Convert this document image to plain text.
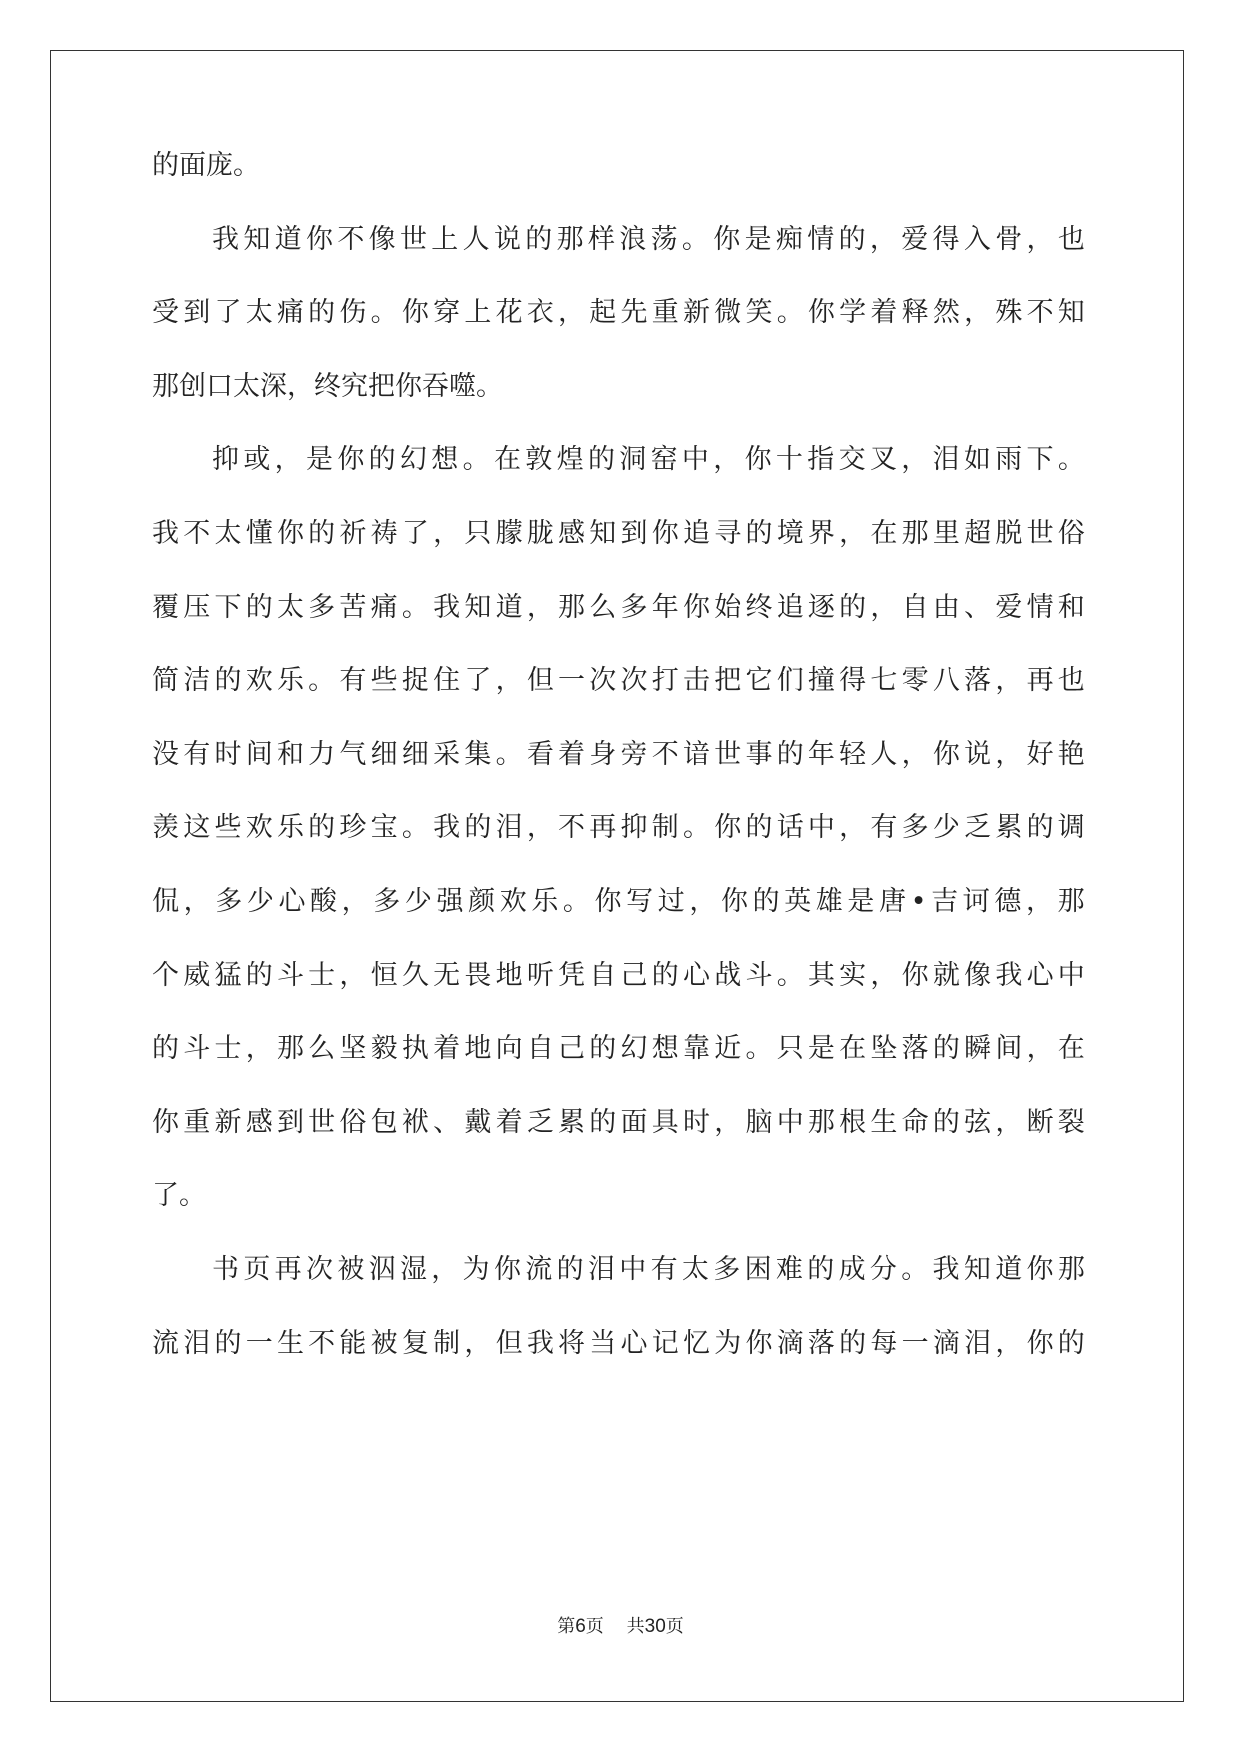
的面庞。

我 知 道 你 不 像 世 上 人 说 的 那 样 浪 荡 。 你 是 痴 情 的 ， 爱 得 入 骨 ， 也

受 到 了 太 痛 的 伤 。 你 穿 上 花 衣 ， 起 先 重 新 微 笑 。 你 学 着 释 然 ， 殊 不 知

那创口太深，终究把你吞噬。

抑 或 ， 是 你 的 幻 想 。 在 敦 煌 的 洞 窑 中 ， 你 十 指 交 叉 ， 泪 如 雨 下 。

我 不 太 懂 你 的 祈 祷 了 ， 只 朦 胧 感 知 到 你 追 寻 的 境 界 ， 在 那 里 超 脱 世 俗

覆 压 下 的 太 多 苦 痛 。 我 知 道 ， 那 么 多 年 你 始 终 追 逐 的 ， 自 由 、 爱 情 和

简 洁 的 欢 乐 。 有 些 捉 住 了 ， 但 一 次 次 打 击 把 它 们 撞 得 七 零 八 落 ， 再 也

没 有 时 间 和 力 气 细 细 采 集 。 看 着 身 旁 不 谙 世 事 的 年 轻 人 ， 你 说 ， 好 艳

羡 这 些 欢 乐 的 珍 宝 。 我 的 泪 ， 不 再 抑 制 。 你 的 话 中 ， 有 多 少 乏 累 的 调

侃 ， 多 少 心 酸 ， 多 少 强 颜 欢 乐 。 你 写 过 ， 你 的 英 雄 是 唐 • 吉 诃 德 ， 那

个 威 猛 的 斗 士 ， 恒 久 无 畏 地 听 凭 自 己 的 心 战 斗 。 其 实 ， 你 就 像 我 心 中

的 斗 士 ， 那 么 坚 毅 执 着 地 向 自 己 的 幻 想 靠 近 。 只 是 在 坠 落 的 瞬 间 ， 在

你 重 新 感 到 世 俗 包 袱 、 戴 着 乏 累 的 面 具 时 ， 脑 中 那 根 生 命 的 弦 ， 断 裂

了。

书 页 再 次 被 泅 湿 ， 为 你 流 的 泪 中 有 太 多 困 难 的 成 分 。 我 知 道 你 那

流 泪 的 一 生 不 能 被 复 制 ， 但 我 将 当 心 记 忆 为 你 滴 落 的 每 一 滴 泪 ， 你 的

第6页 共30页
